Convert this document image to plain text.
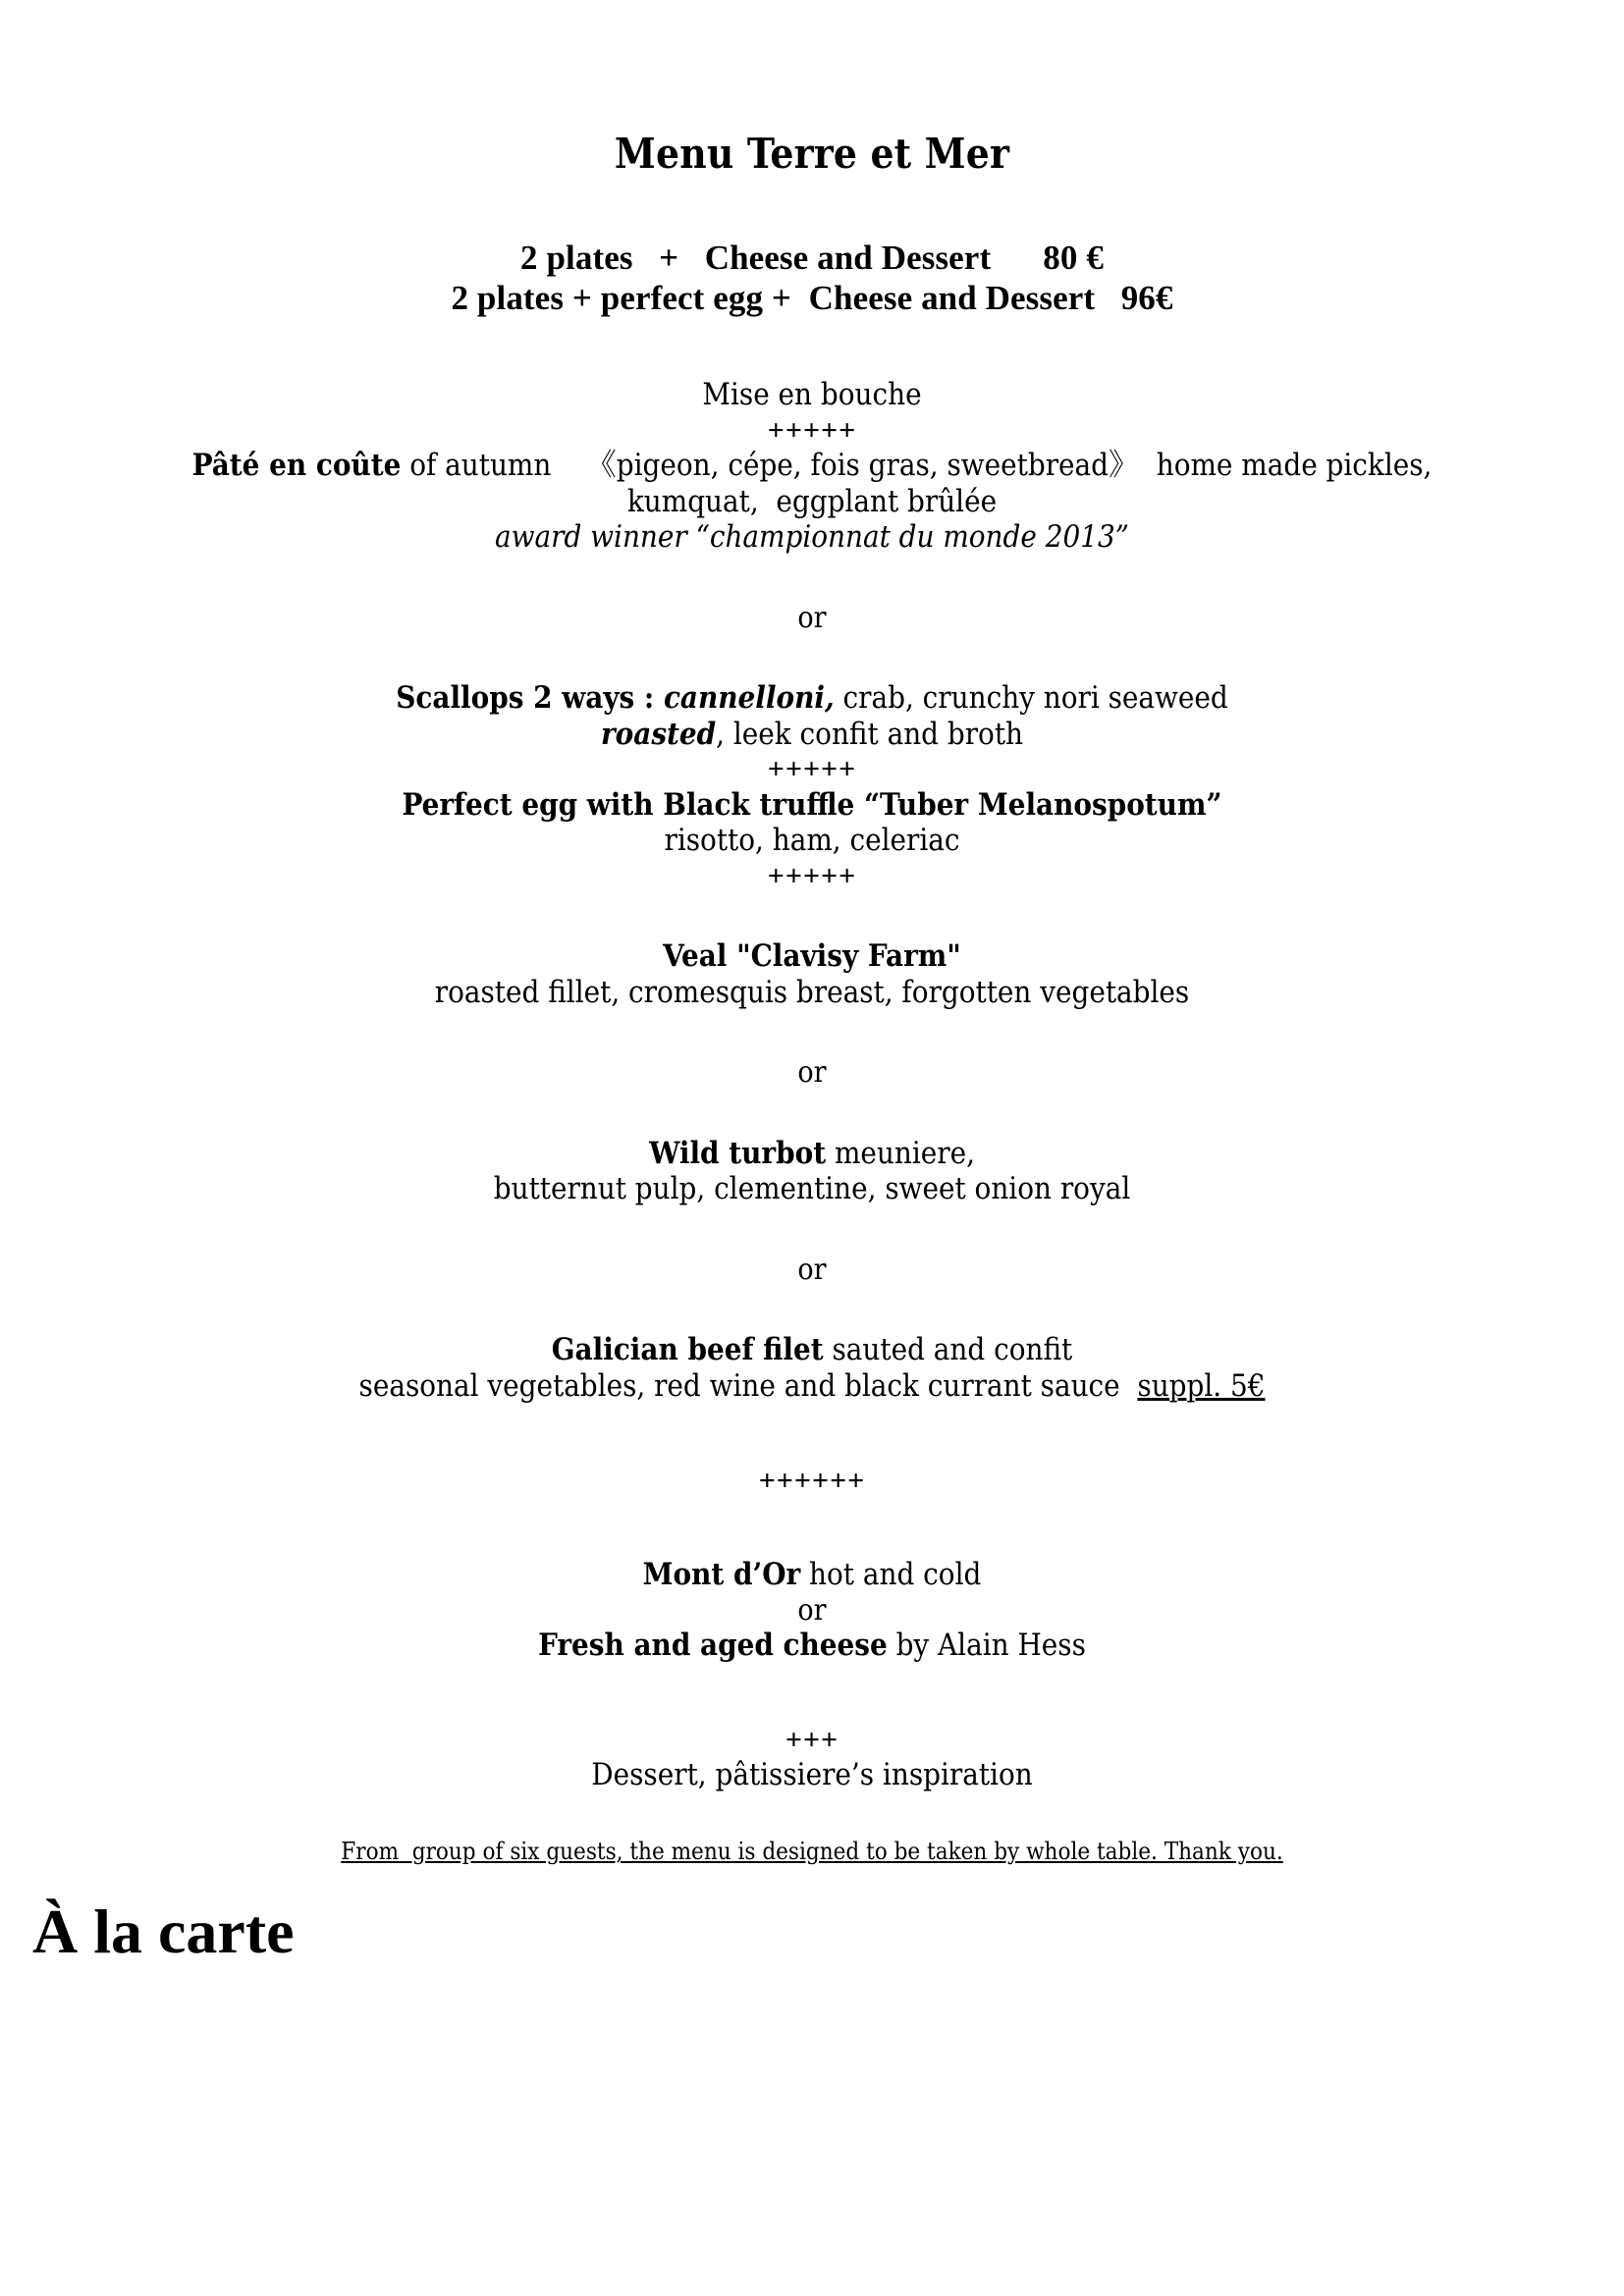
Menu Terre et Mer
2 plates   +   Cheese and Dessert      80 €
2 plates + perfect egg +  Cheese and Dessert   96€
Mise en bouche
+++++
Pâté en coûte of autumn    《pigeon, cépe, fois gras, sweetbread》  home made pickles,
kumquat,  eggplant brûlée
award winner “championnat du monde 2013”
or
Scallops 2 ways : cannelloni, crab, crunchy nori seaweed
roasted, leek confit and broth
+++++
Perfect egg with Black truffle “Tuber Melanospotum”
risotto, ham, celeriac
+++++
Veal "Clavisy Farm"
roasted fillet, cromesquis breast, forgotten vegetables
or
Wild turbot meuniere,
butternut pulp, clementine, sweet onion royal
or
Galician beef filet sauted and confit
seasonal vegetables, red wine and black currant sauce  suppl. 5€
++++++
Mont d’Or hot and cold
or
Fresh and aged cheese by Alain Hess
+++
Dessert, pâtissiere’s inspiration
From  group of six guests, the menu is designed to be taken by whole table. Thank you.
À la carte
